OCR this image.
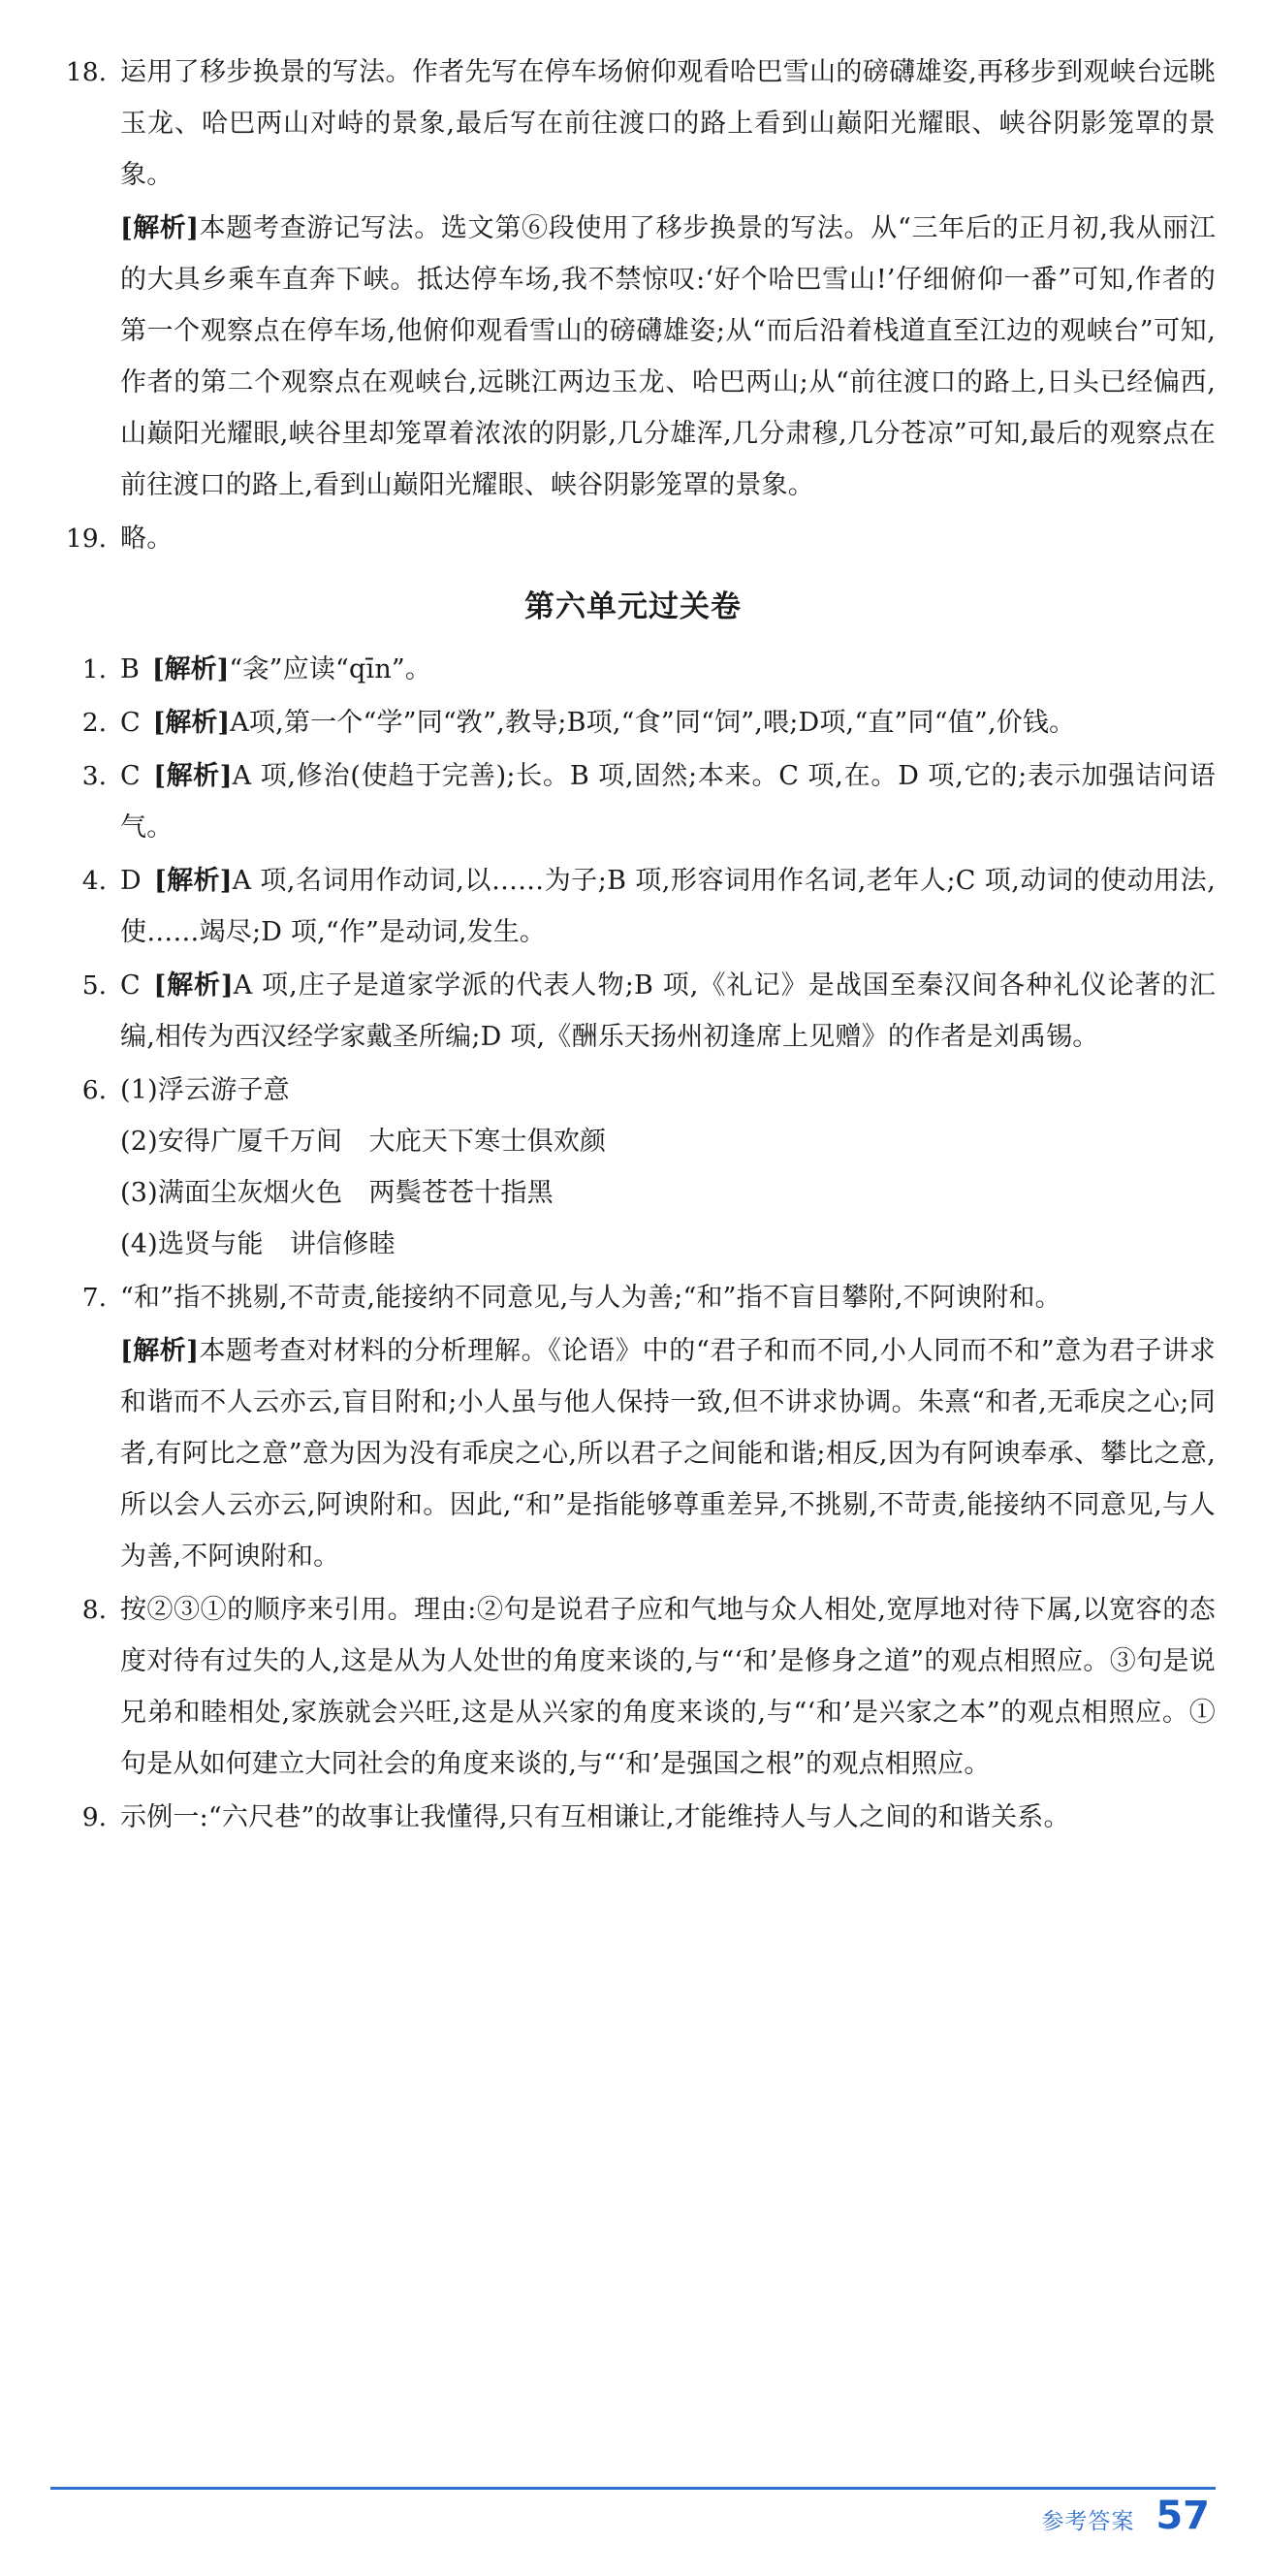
18. 运用了移步换景的写法。作者先写在停车场俯仰观看哈巴雪山的磅礴雄姿,再移步到观峡台远眺玉龙、哈巴两山对峙的景象,最后写在前往渡口的路上看到山巅阳光耀眼、峡谷阴影笼罩的景象。
[解析]本题考查游记写法。选文第⑥段使用了移步换景的写法。从“三年后的正月初,我从丽江的大具乡乘车直奔下峡。抵达停车场,我不禁惊叹:‘好个哈巴雪山!’仔细俯仰一番”可知,作者的第一个观察点在停车场,他俯仰观看雪山的磅礴雄姿;从“而后沿着栈道直至江边的观峡台”可知,作者的第二个观察点在观峡台,远眺江两边玉龙、哈巴两山;从“前往渡口的路上,日头已经偏西,山巅阳光耀眼,峡谷里却笼罩着浓浓的阴影,几分雄浑,几分肃穆,几分苍凉”可知,最后的观察点在前往渡口的路上,看到山巅阳光耀眼、峡谷阴影笼罩的景象。
19. 略。
第六单元过关卷
1. B [解析]“衾”应读“qīn”。
2. C [解析]A项,第一个“学”同“敩”,教导;B项,“食”同“饲”,喂;D项,“直”同“值”,价钱。
3. C [解析]A 项,修治(使趋于完善);长。B 项,固然;本来。C 项,在。D 项,它的;表示加强诘问语气。
4. D [解析]A 项,名词用作动词,以……为子;B 项,形容词用作名词,老年人;C 项,动词的使动用法,使……竭尽;D 项,“作”是动词,发生。
5. C [解析]A 项,庄子是道家学派的代表人物;B 项,《礼记》是战国至秦汉间各种礼仪论著的汇编,相传为西汉经学家戴圣所编;D 项,《酬乐天扬州初逢席上见赠》的作者是刘禹锡。
6. (1)浮云游子意
(2)安得广厦千万间　大庇天下寒士俱欢颜
(3)满面尘灰烟火色　两鬓苍苍十指黑
(4)选贤与能　讲信修睦
7. “和”指不挑剔,不苛责,能接纳不同意见,与人为善;“和”指不盲目攀附,不阿谀附和。
[解析]本题考查对材料的分析理解。《论语》中的“君子和而不同,小人同而不和”意为君子讲求和谐而不人云亦云,盲目附和;小人虽与他人保持一致,但不讲求协调。朱熹“和者,无乖戾之心;同者,有阿比之意”意为因为没有乖戾之心,所以君子之间能和谐;相反,因为有阿谀奉承、攀比之意,所以会人云亦云,阿谀附和。因此,“和”是指能够尊重差异,不挑剔,不苛责,能接纳不同意见,与人为善,不阿谀附和。
8. 按②③①的顺序来引用。理由:②句是说君子应和气地与众人相处,宽厚地对待下属,以宽容的态度对待有过失的人,这是从为人处世的角度来谈的,与“‘和’是修身之道”的观点相照应。③句是说兄弟和睦相处,家族就会兴旺,这是从兴家的角度来谈的,与“‘和’是兴家之本”的观点相照应。①句是从如何建立大同社会的角度来谈的,与“‘和’是强国之根”的观点相照应。
9. 示例一:“六尺巷”的故事让我懂得,只有互相谦让,才能维持人与人之间的和谐关系。
参考答案 57
